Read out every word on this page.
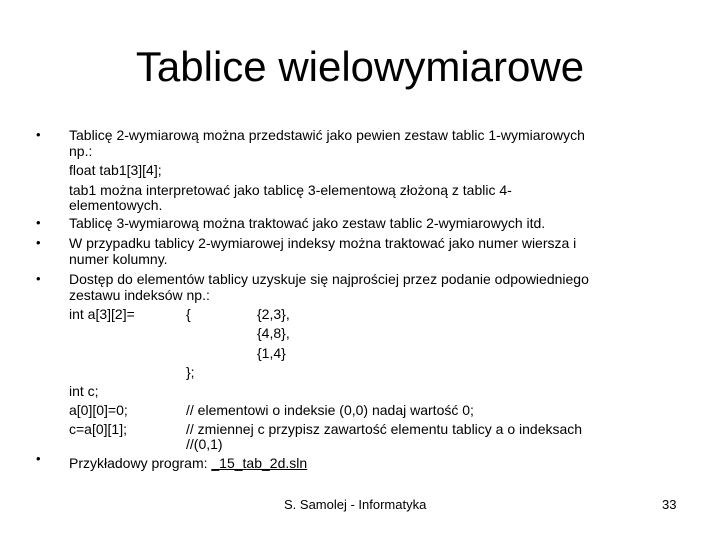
Tablice wielowymiarowe
•
•
•
•
•
Tablicę 2-wymiarową można przedstawić jako pewien zestaw tablic 1-wymiarowych
np.:
float tab1[3][4];
tab1 można interpretować jako tablicę 3-elementową złożoną z tablic 4-
elementowych.
Tablicę 3-wymiarową można traktować jako zestaw tablic 2-wymiarowych itd.
W przypadku tablicy 2-wymiarowej indeksy można traktować jako numer wiersza i
numer kolumny.
Dostęp do elementów tablicy uzyskuje się najprościej przez podanie odpowiedniego
zestawu indeksów np.:
int a[3][2]=	{	{2,3},
{4,8},
{1,4}
};
int c;
a[0][0]=0;	// elementowi o indeksie (0,0) nadaj wartość 0;
c=a[0][1];	// zmiennej c przypisz zawartość elementu tablicy a o indeksach
//(0,1)
Przykładowy program: _15_tab_2d.sln
S. Samolej - Informatyka	33
